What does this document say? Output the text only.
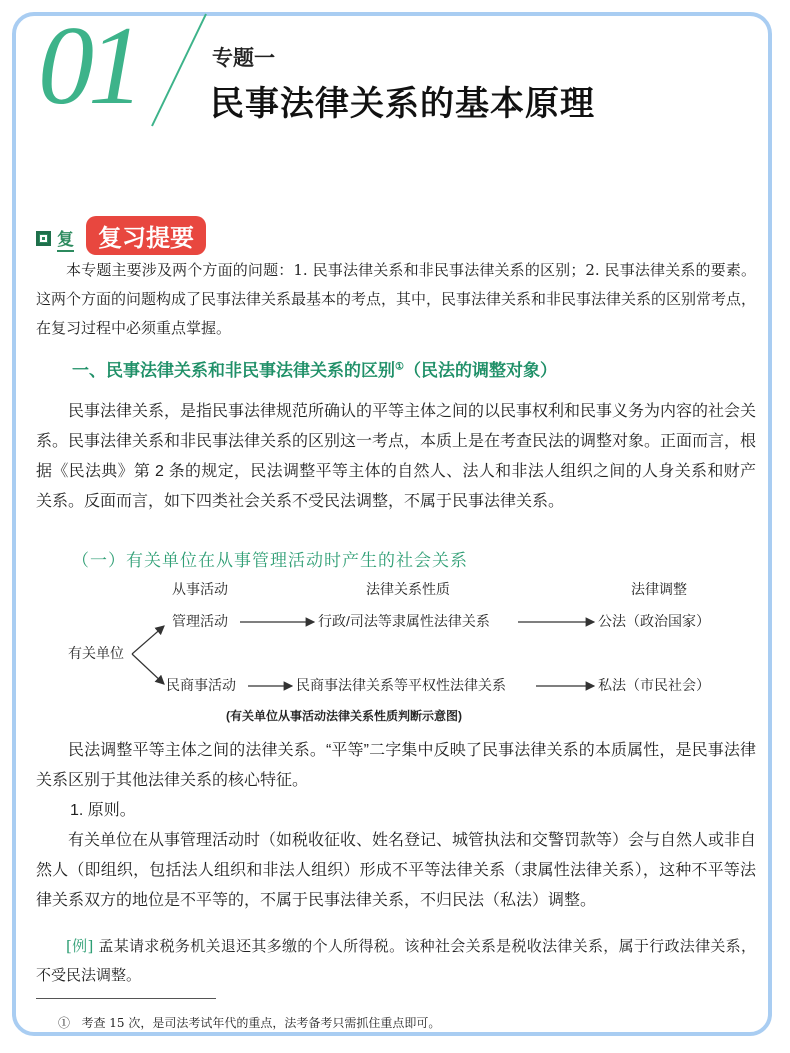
01	专题一
民事法律关系的基本原理
复	复习提要
本专题主要涉及两个方面的问题：1. 民事法律关系和非民事法律关系的区别；2. 民事法律关系的要素。这两个方面的问题构成了民事法律关系最基本的考点，其中，民事法律关系和非民事法律关系的区别常考点，在复习过程中必须重点掌握。
一、民事法律关系和非民事法律关系的区别①（民法的调整对象）
民事法律关系，是指民事法律规范所确认的平等主体之间的以民事权利和民事义务为内容的社会关系。民事法律关系和非民事法律关系的区别这一考点，本质上是在考查民法的调整对象。正面而言，根据《民法典》第 2 条的规定，民法调整平等主体的自然人、法人和非法人组织之间的人身关系和财产关系。反面而言，如下四类社会关系不受民法调整，不属于民事法律关系。
（一）有关单位在从事管理活动时产生的社会关系
从事活动	法律关系性质	法律调整
有关单位
管理活动	行政/司法等隶属性法律关系	公法（政治国家）
民商事活动	民商事法律关系等平权性法律关系	私法（市民社会）
(有关单位从事活动法律关系性质判断示意图)
民法调整平等主体之间的法律关系。“平等”二字集中反映了民事法律关系的本质属性，是民事法律关系区别于其他法律关系的核心特征。
1. 原则。
有关单位在从事管理活动时（如税收征收、姓名登记、城管执法和交警罚款等）会与自然人或非自然人（即组织，包括法人组织和非法人组织）形成不平等法律关系（隶属性法律关系），这种不平等法律关系双方的地位是不平等的，不属于民事法律关系，不归民法（私法）调整。
[例] 孟某请求税务机关退还其多缴的个人所得税。该种社会关系是税收法律关系，属于行政法律关系，不受民法调整。
① 考查 15 次，是司法考试年代的重点，法考备考只需抓住重点即可。
